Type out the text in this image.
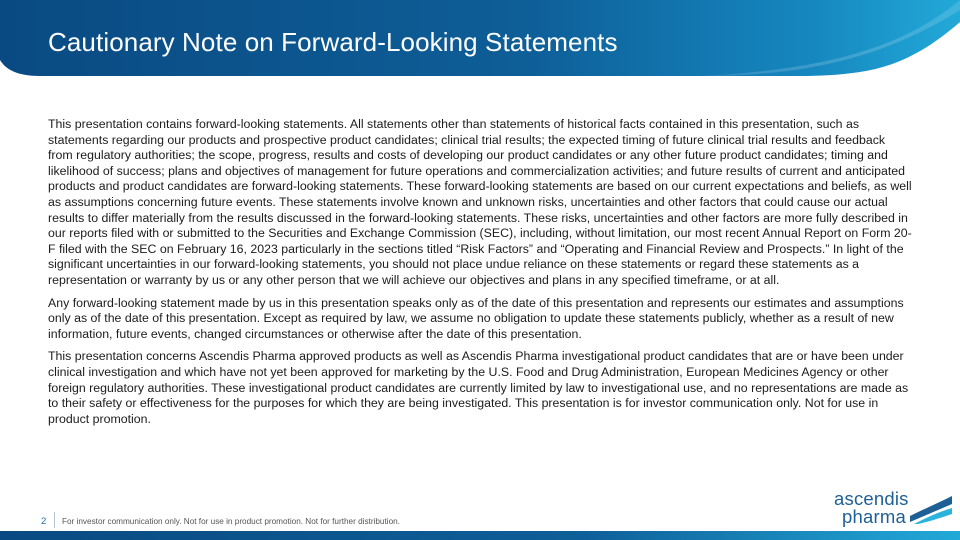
Cautionary Note on Forward-Looking Statements

This presentation contains forward-looking statements. All statements other than statements of historical facts contained in this presentation, such as statements regarding our products and prospective product candidates; clinical trial results; the expected timing of future clinical trial results and feedback from regulatory authorities; the scope, progress, results and costs of developing our product candidates or any other future product candidates; timing and likelihood of success; plans and objectives of management for future operations and commercialization activities; and future results of current and anticipated products and product candidates are forward-looking statements. These forward-looking statements are based on our current expectations and beliefs, as well as assumptions concerning future events. These statements involve known and unknown risks, uncertainties and other factors that could cause our actual results to differ materially from the results discussed in the forward-looking statements. These risks, uncertainties and other factors are more fully described in our reports filed with or submitted to the Securities and Exchange Commission (SEC), including, without limitation, our most recent Annual Report on Form 20-F filed with the SEC on February 16, 2023 particularly in the sections titled “Risk Factors” and “Operating and Financial Review and Prospects.” In light of the significant uncertainties in our forward-looking statements, you should not place undue reliance on these statements or regard these statements as a representation or warranty by us or any other person that we will achieve our objectives and plans in any specified timeframe, or at all.

Any forward-looking statement made by us in this presentation speaks only as of the date of this presentation and represents our estimates and assumptions only as of the date of this presentation. Except as required by law, we assume no obligation to update these statements publicly, whether as a result of new information, future events, changed circumstances or otherwise after the date of this presentation.

This presentation concerns Ascendis Pharma approved products as well as Ascendis Pharma investigational product candidates that are or have been under clinical investigation and which have not yet been approved for marketing by the U.S. Food and Drug Administration, European Medicines Agency or other foreign regulatory authorities. These investigational product candidates are currently limited by law to investigational use, and no representations are made as to their safety or effectiveness for the purposes for which they are being investigated. This presentation is for investor communication only. Not for use in product promotion.

2 For investor communication only. Not for use in product promotion. Not for further distribution.
ascendis
pharma
